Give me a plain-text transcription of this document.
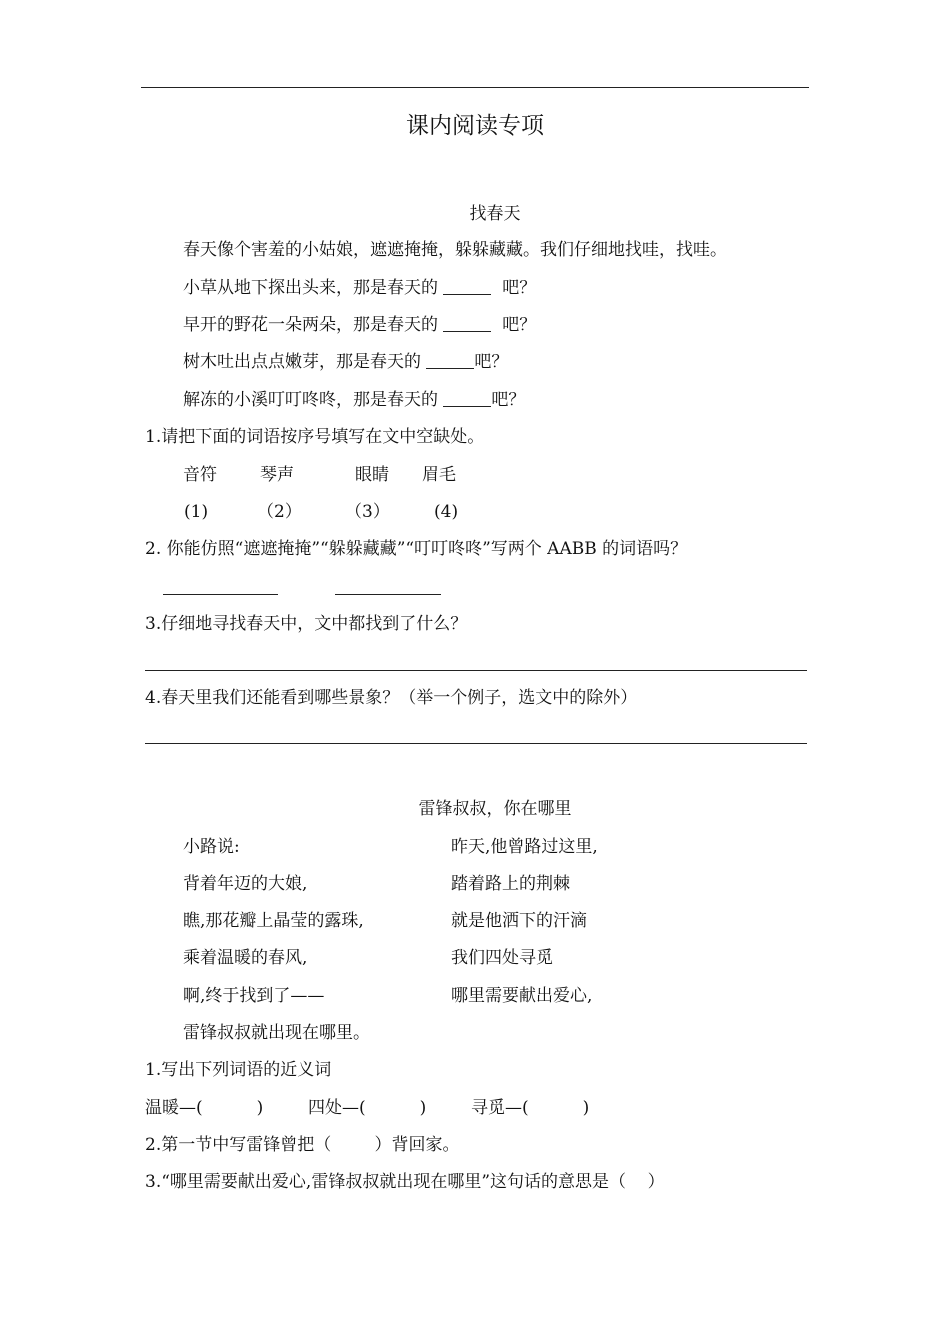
课内阅读专项
找春天
春天像个害羞的小姑娘，遮遮掩掩，躲躲藏藏。我们仔细地找哇，找哇。
小草从地下探出头来，那是春天的	吧？
早开的野花一朵两朵，那是春天的	吧？
树木吐出点点嫩芽，那是春天的	吧？
解冻的小溪叮叮咚咚，那是春天的	吧？
1.请把下面的词语按序号填写在文中空缺处。
音符	琴声	眼睛 眉毛
(1)	（2）	（3）	(4)
2. 你能仿照“遮遮掩掩”“躲躲藏藏”“叮叮咚咚”写两个 AABB 的词语吗？
3.仔细地寻找春天中，文中都找到了什么？
4.春天里我们还能看到哪些景象？（举一个例子，选文中的除外）
雷锋叔叔，你在哪里
小路说:
背着年迈的大娘,
瞧,那花瓣上晶莹的露珠,
乘着温暖的春风,
啊,终于找到了——
雷锋叔叔就出现在哪里。
昨天,他曾路过这里,
踏着路上的荆棘
就是他洒下的汗滴
我们四处寻觅
哪里需要献出爱心,
1.写出下列词语的近义词
温暖—(          )	四处—(          )	寻觅—(          )
2.第一节中写雷锋曾把（        ）背回家。
3.“哪里需要献出爱心,雷锋叔叔就出现在哪里”这句话的意思是（    ）
